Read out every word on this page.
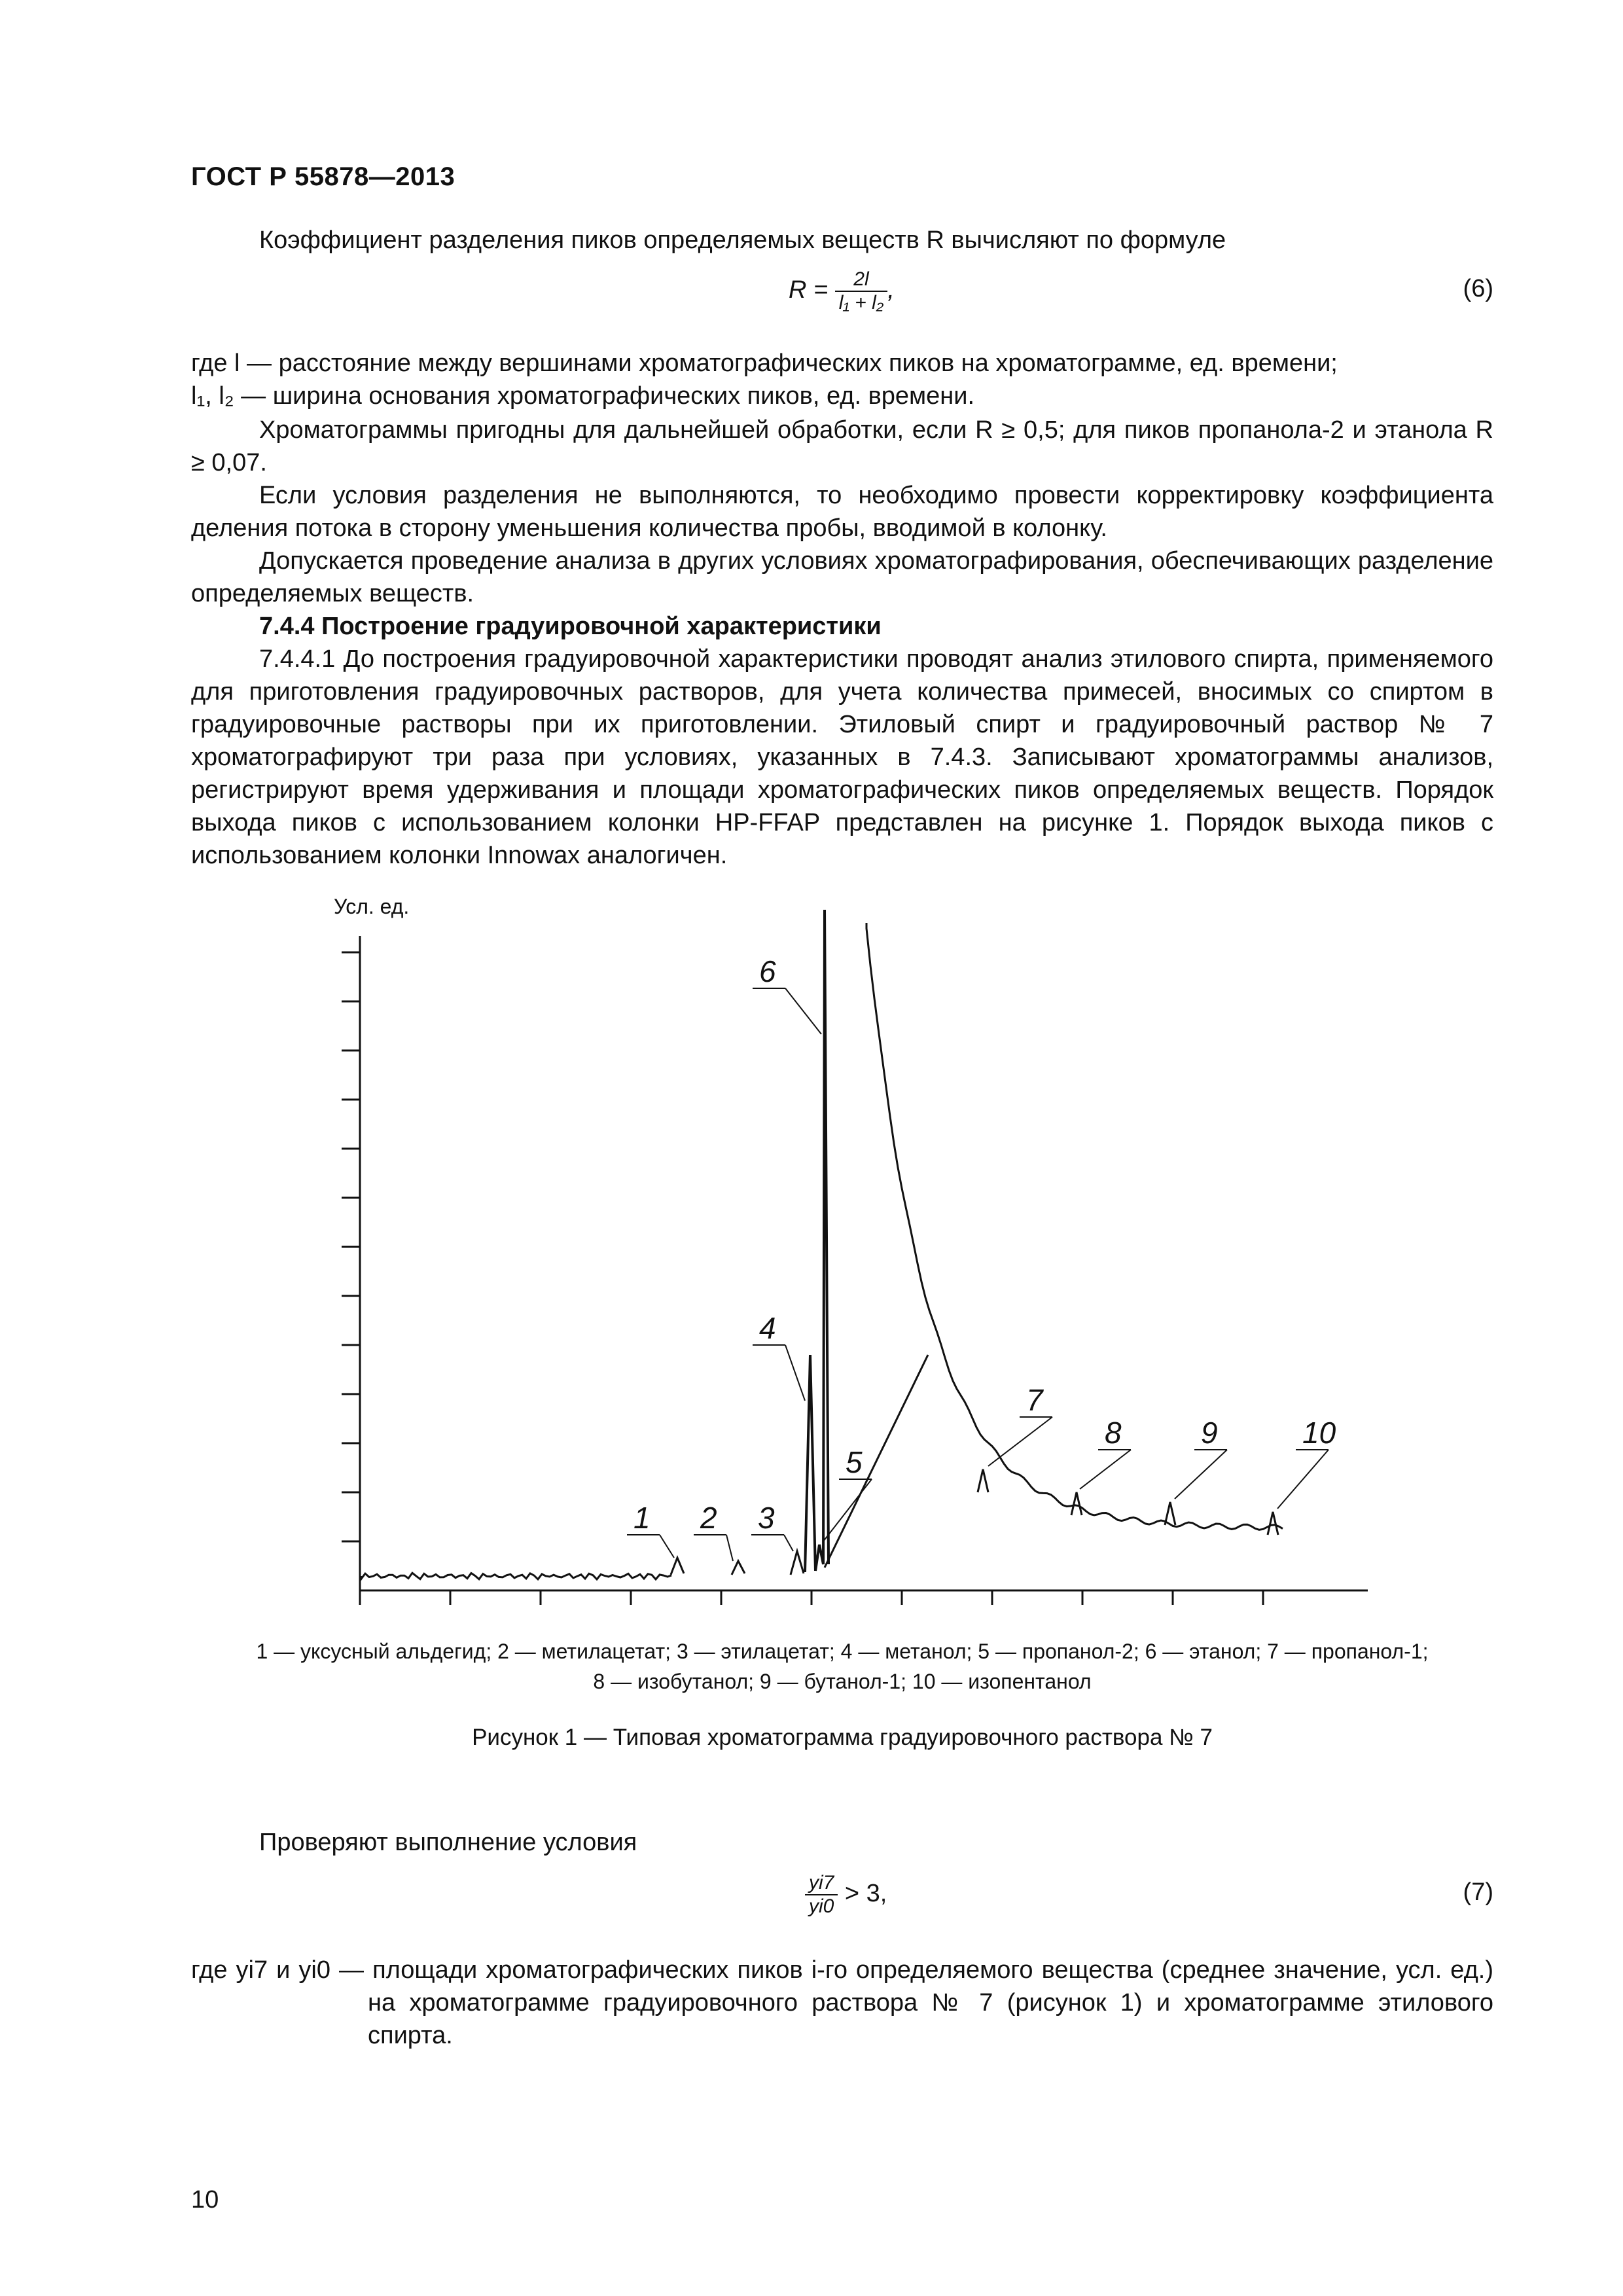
ГОСТ Р 55878—2013
Коэффициент разделения пиков определяемых веществ R вычисляют по формуле
$R = \frac{2l}{\text{l₁ + l₂}}$ ,	(6)
где l — расстояние между вершинами хроматографических пиков на хроматограмме, ед. времени;
l₁, l₂ — ширина основания хроматографических пиков, ед. времени.
Хроматограммы пригодны для дальнейшей обработки, если R ≥ 0,5; для пиков пропанола-2 и этанола R ≥ 0,07.
Если условия разделения не выполняются, то необходимо провести корректировку коэффициента деления потока в сторону уменьшения количества пробы, вводимой в колонку.
Допускается проведение анализа в других условиях хроматографирования, обеспечивающих разделение определяемых веществ.
7.4.4 Построение градуировочной характеристики
7.4.4.1 До построения градуировочной характеристики проводят анализ этилового спирта, применяемого для приготовления градуировочных растворов, для учета количества примесей, вносимых со спиртом в градуировочные растворы при их приготовлении. Этиловый спирт и градуировочный раствор № 7 хроматографируют три раза при условиях, указанных в 7.4.3. Записывают хроматограммы анализов, регистрируют время удерживания и площади хроматографических пиков определяемых веществ. Порядок выхода пиков с использованием колонки HP-FFAP представлен на рисунке 1. Порядок выхода пиков с использованием колонки Innowax аналогичен.
Усл. ед.
1 2 3
4
5
6
7
8	9	10
1 — уксусный альдегид; 2 — метилацетат; 3 — этилацетат; 4 — метанол; 5 — пропанол-2; 6 — этанол; 7 — пропанол-1;
8 — изобутанол; 9 — бутанол-1; 10 — изопентанол
Рисунок 1 — Типовая хроматограмма градуировочного раствора № 7
Проверяют выполнение условия
$\frac{yi7}{yi0} > 3$,	(7)
где yi7 и yi0 — площади хроматографических пиков i-го определяемого вещества (среднее значение, усл. ед.) на хроматограмме градуировочного раствора № 7 (рисунок 1) и хроматограмме этилового спирта.
10
